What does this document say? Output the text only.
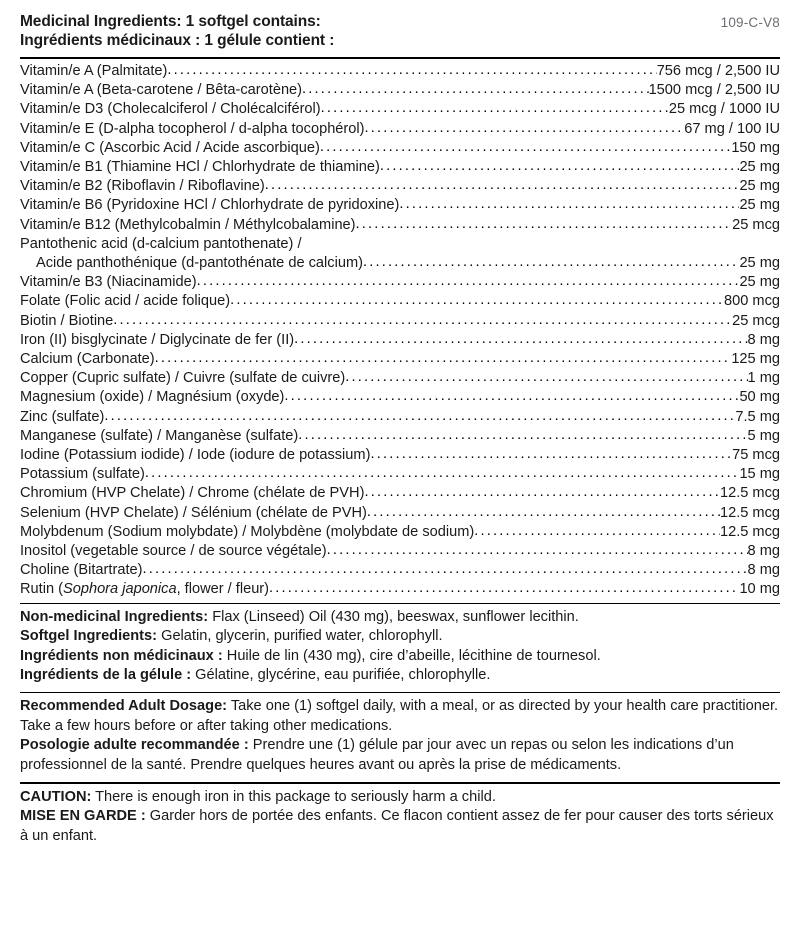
Medicinal Ingredients: 1 softgel contains:
Ingrédients médicinaux : 1 gélule contient :
109-C-V8
Vitamin/e A (Palmitate) .....	756 mcg / 2,500 IU
Vitamin/e A (Beta-carotene / Bêta-carotène) .....	1500 mcg / 2,500 IU
Vitamin/e D3 (Cholecalciferol / Cholécalciférol) .....	25 mcg / 1000 IU
Vitamin/e E (D-alpha tocopherol / d-alpha tocophérol) .....	67 mg / 100 IU
Vitamin/e C (Ascorbic Acid / Acide ascorbique) .....	150 mg
Vitamin/e B1 (Thiamine HCl / Chlorhydrate de thiamine) .....	25 mg
Vitamin/e B2 (Riboflavin / Riboflavine) .....	25 mg
Vitamin/e B6 (Pyridoxine HCl / Chlorhydrate de pyridoxine) .....	25 mg
Vitamin/e B12 (Methylcobalmin / Méthylcobalamine) .....	25 mcg
Pantothenic acid (d-calcium pantothenate) /
Acide panthothénique (d-pantothénate de calcium) .....	25 mg
Vitamin/e B3 (Niacinamide) .....	25 mg
Folate (Folic acid / acide folique) .....	800 mcg
Biotin / Biotine .....	25 mcg
Iron (II) bisglycinate / Diglycinate de fer (II) .....	8 mg
Calcium (Carbonate) .....	125 mg
Copper (Cupric sulfate) / Cuivre (sulfate de cuivre) .....	1 mg
Magnesium (oxide) / Magnésium (oxyde) .....	50 mg
Zinc (sulfate) .....	7.5 mg
Manganese (sulfate) / Manganèse (sulfate) .....	5 mg
Iodine (Potassium iodide) / Iode (iodure de potassium) .....	75 mcg
Potassium (sulfate) .....	15 mg
Chromium (HVP Chelate) / Chrome (chélate de PVH) .....	12.5 mcg
Selenium (HVP Chelate) / Sélénium (chélate de PVH) .....	12.5 mcg
Molybdenum (Sodium molybdate) / Molybdène (molybdate de sodium) .....	12.5 mcg
Inositol (vegetable source / de source végétale) .....	8 mg
Choline (Bitartrate) .....	8 mg
Rutin (Sophora japonica, flower / fleur) .....	10 mg

Non-medicinal Ingredients: Flax (Linseed) Oil (430 mg), beeswax, sunflower lecithin.

Softgel Ingredients: Gelatin, glycerin, purified water, chlorophyll.

Ingrédients non médicinaux : Huile de lin (430 mg), cire d’abeille, lécithine de tournesol.

Ingrédients de la gélule : Gélatine, glycérine, eau purifiée, chlorophylle.

Recommended Adult Dosage: Take one (1) softgel daily, with a meal, or as directed by your health care practitioner. Take a few hours before or after taking other medications.

Posologie adulte recommandée : Prendre une (1) gélule par jour avec un repas ou selon les indications d’un professionnel de la santé. Prendre quelques heures avant ou après la prise de médicaments.

CAUTION: There is enough iron in this package to seriously harm a child.

MISE EN GARDE : Garder hors de portée des enfants. Ce flacon contient assez de fer pour causer des torts sérieux à un enfant.
